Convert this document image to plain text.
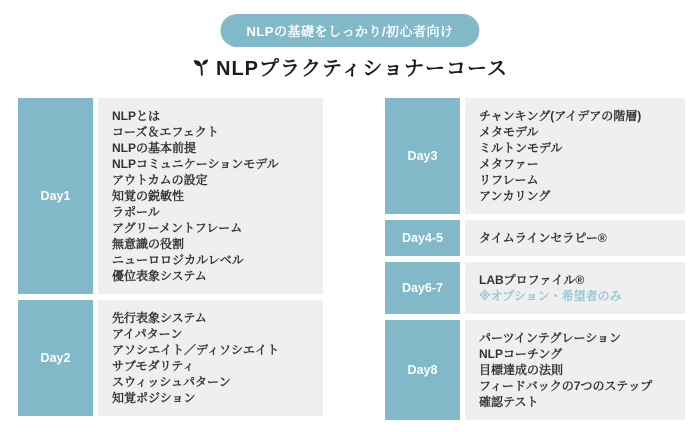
NLPの基礎をしっかり/初心者向け
NLPプラクティショナーコース
Day1
NLPとは
コーズ＆エフェクト
NLPの基本前提
NLPコミュニケーションモデル
アウトカムの設定
知覚の鋭敏性
ラポール
アグリーメントフレーム
無意識の役割
ニューロロジカルレベル
優位表象システム
Day2
先行表象システム
アイパターン
アソシエイト／ディソシエイト
サブモダリティ
スウィッシュパターン
知覚ポジション
Day3
チャンキング(アイデアの階層)
メタモデル
ミルトンモデル
メタファー
リフレーム
アンカリング
Day4-5	タイムラインセラピー®
Day6-7
LABプロファイル®
※オプション・希望者のみ
Day8
パーツインテグレーション
NLPコーチング
目標達成の法則
フィードバックの7つのステップ
確認テスト
